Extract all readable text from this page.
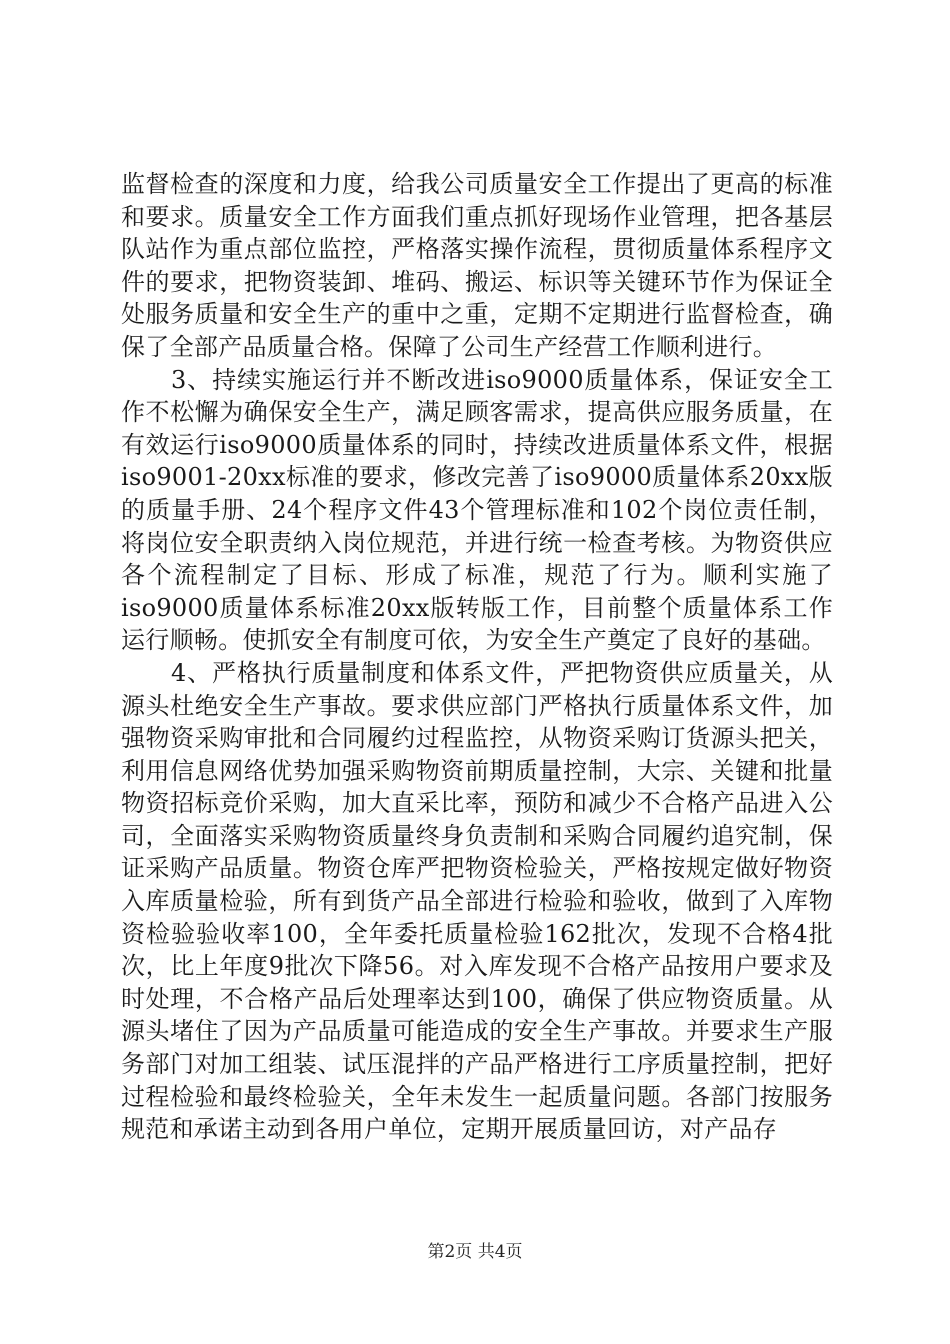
监督检查的深度和力度，给我公司质量安全工作提出了更高的标准和要求。质量安全工作方面我们重点抓好现场作业管理，把各基层队站作为重点部位监控，严格落实操作流程，贯彻质量体系程序文件的要求，把物资装卸、堆码、搬运、标识等关键环节作为保证全处服务质量和安全生产的重中之重，定期不定期进行监督检查，确保了全部产品质量合格。保障了公司生产经营工作顺利进行。

3、持续实施运行并不断改进iso9000质量体系，保证安全工作不松懈为确保安全生产，满足顾客需求，提高供应服务质量，在有效运行iso9000质量体系的同时，持续改进质量体系文件，根据iso9001-20xx标准的要求，修改完善了iso9000质量体系20xx版的质量手册、24个程序文件43个管理标准和102个岗位责任制，将岗位安全职责纳入岗位规范，并进行统一检查考核。为物资供应各个流程制定了目标、形成了标准，规范了行为。顺利实施了iso9000质量体系标准20xx版转版工作，目前整个质量体系工作运行顺畅。使抓安全有制度可依，为安全生产奠定了良好的基础。

4、严格执行质量制度和体系文件，严把物资供应质量关，从源头杜绝安全生产事故。要求供应部门严格执行质量体系文件，加强物资采购审批和合同履约过程监控，从物资采购订货源头把关，利用信息网络优势加强采购物资前期质量控制，大宗、关键和批量物资招标竞价采购，加大直采比率，预防和减少不合格产品进入公司，全面落实采购物资质量终身负责制和采购合同履约追究制，保证采购产品质量。物资仓库严把物资检验关，严格按规定做好物资入库质量检验，所有到货产品全部进行检验和验收，做到了入库物资检验验收率100，全年委托质量检验162批次，发现不合格4批次，比上年度9批次下降56。对入库发现不合格产品按用户要求及时处理，不合格产品后处理率达到100，确保了供应物资质量。从源头堵住了因为产品质量可能造成的安全生产事故。并要求生产服务部门对加工组装、试压混拌的产品严格进行工序质量控制，把好过程检验和最终检验关，全年未发生一起质量问题。各部门按服务规范和承诺主动到各用户单位，定期开展质量回访，对产品存

第2页 共4页
